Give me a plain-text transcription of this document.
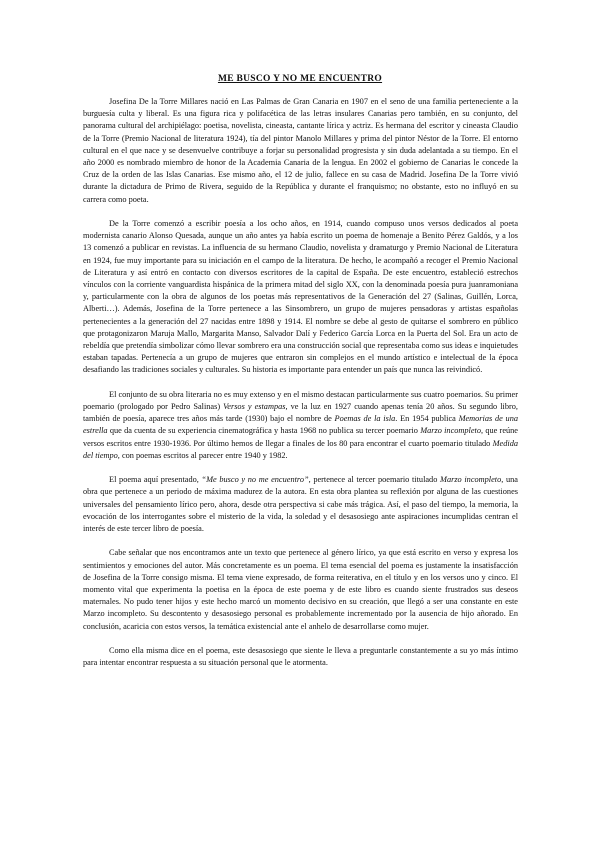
ME BUSCO Y NO ME ENCUENTRO

Josefina De la Torre Millares nació en Las Palmas de Gran Canaria en 1907 en el seno de una familia perteneciente a la burguesía culta y liberal. Es una figura rica y polifacética de las letras insulares Canarias pero también, en su conjunto, del panorama cultural del archipiélago: poetisa, novelista, cineasta, cantante lírica y actriz. Es hermana del escritor y cineasta Claudio de la Torre (Premio Nacional de literatura 1924), tía del pintor Manolo Millares y prima del pintor Néstor de la Torre. El entorno cultural en el que nace y se desenvuelve contribuye a forjar su personalidad progresista y sin duda adelantada a su tiempo. En el año 2000 es nombrado miembro de honor de la Academia Canaria de la lengua. En 2002 el gobierno de Canarias le concede la Cruz de la orden de las Islas Canarias. Ese mismo año, el 12 de julio, fallece en su casa de Madrid. Josefina De la Torre vivió durante la dictadura de Primo de Rivera, seguido de la República y durante el franquismo; no obstante, esto no influyó en su carrera como poeta.

De la Torre comenzó a escribir poesía a los ocho años, en 1914, cuando compuso unos versos dedicados al poeta modernista canario Alonso Quesada, aunque un año antes ya había escrito un poema de homenaje a Benito Pérez Galdós, y a los 13 comenzó a publicar en revistas. La influencia de su hermano Claudio, novelista y dramaturgo y Premio Nacional de Literatura en 1924, fue muy importante para su iniciación en el campo de la literatura. De hecho, le acompañó a recoger el Premio Nacional de Literatura y así entró en contacto con diversos escritores de la capital de España. De este encuentro, estableció estrechos vínculos con la corriente vanguardista hispánica de la primera mitad del siglo XX, con la denominada poesía pura juanramoniana y, particularmente con la obra de algunos de los poetas más representativos de la Generación del 27 (Salinas, Guillén, Lorca, Alberti…). Además, Josefina de la Torre pertenece a las Sinsombrero, un grupo de mujeres pensadoras y artistas españolas pertenecientes a la generación del 27 nacidas entre 1898 y 1914. El nombre se debe al gesto de quitarse el sombrero en público que protagonizaron Maruja Mallo, Margarita Manso, Salvador Dalí y Federico García Lorca en la Puerta del Sol. Era un acto de rebeldía que pretendía simbolizar cómo llevar sombrero era una construcción social que representaba como sus ideas e inquietudes estaban tapadas. Pertenecía a un grupo de mujeres que entraron sin complejos en el mundo artístico e intelectual de la época desafiando las tradiciones sociales y culturales. Su historia es importante para entender un país que nunca las reivindicó.

El conjunto de su obra literaria no es muy extenso y en el mismo destacan particularmente sus cuatro poemarios. Su primer poemario (prologado por Pedro Salinas) Versos y estampas, ve la luz en 1927 cuando apenas tenía 20 años. Su segundo libro, también de poesía, aparece tres años más tarde (1930) bajo el nombre de Poemas de la isla. En 1954 publica Memorias de una estrella que da cuenta de su experiencia cinematográfica y hasta 1968 no publica su tercer poemario Marzo incompleto, que reúne versos escritos entre 1930-1936. Por último hemos de llegar a finales de los 80 para encontrar el cuarto poemario titulado Medida del tiempo, con poemas escritos al parecer entre 1940 y 1982.

El poema aquí presentado, “Me busco y no me encuentro”, pertenece al tercer poemario titulado Marzo incompleto, una obra que pertenece a un periodo de máxima madurez de la autora. En esta obra plantea su reflexión por alguna de las cuestiones universales del pensamiento lírico pero, ahora, desde otra perspectiva si cabe más trágica. Así, el paso del tiempo, la memoria, la evocación de los interrogantes sobre el misterio de la vida, la soledad y el desasosiego ante aspiraciones incumplidas centran el interés de este tercer libro de poesía.

Cabe señalar que nos encontramos ante un texto que pertenece al género lírico, ya que está escrito en verso y expresa los sentimientos y emociones del autor. Más concretamente es un poema. El tema esencial del poema es justamente la insatisfacción de Josefina de la Torre consigo misma. El tema viene expresado, de forma reiterativa, en el título y en los versos uno y cinco. El momento vital que experimenta la poetisa en la época de este poema y de este libro es cuando siente frustrados sus deseos maternales. No pudo tener hijos y este hecho marcó un momento decisivo en su creación, que llegó a ser una constante en este Marzo incompleto. Su descontento y desasosiego personal es probablemente incrementado por la ausencia de hijo añorado. En conclusión, acaricia con estos versos, la temática existencial ante el anhelo de desarrollarse como mujer.

Como ella misma dice en el poema, este desasosiego que siente le lleva a preguntarle constantemente a su yo más íntimo para intentar encontrar respuesta a su situación personal que le atormenta.
